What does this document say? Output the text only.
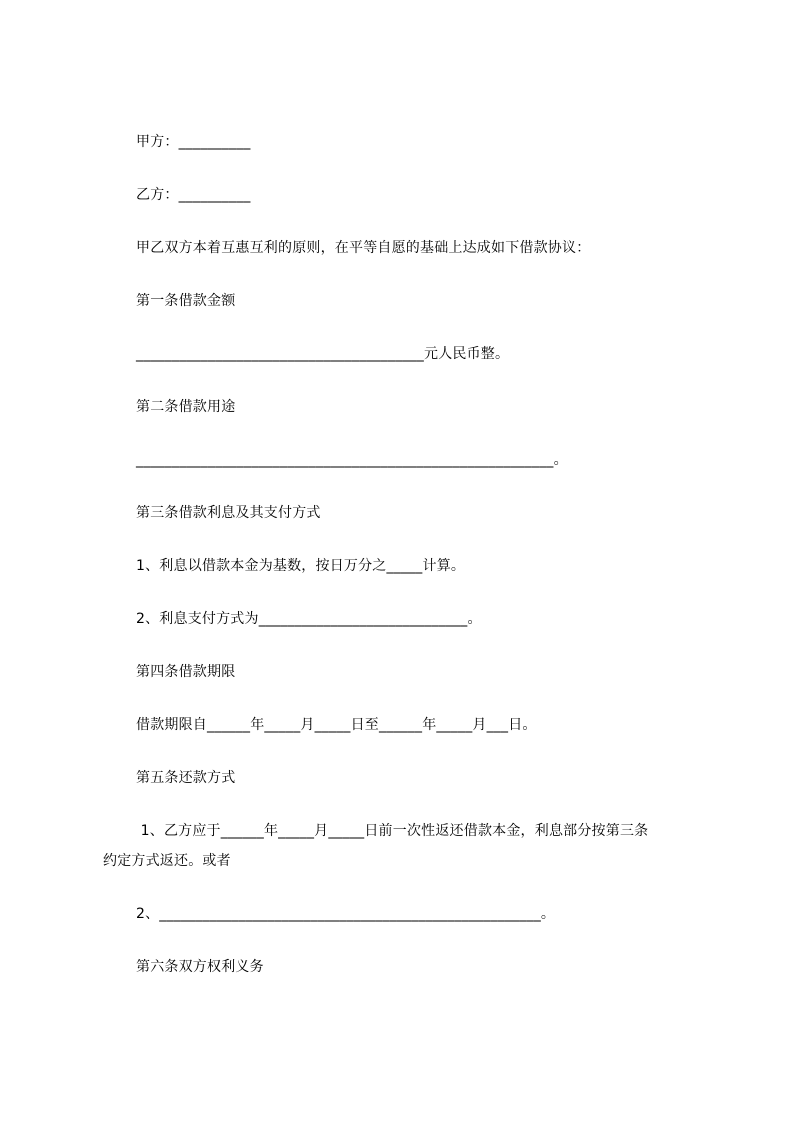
甲方：__________
乙方：__________
甲乙双方本着互惠互利的原则，在平等自愿的基础上达成如下借款协议：
第一条借款金额
________________________________________元人民币整。
第二条借款用途
__________________________________________________________。
第三条借款利息及其支付方式
1、利息以借款本金为基数，按日万分之_____计算。
2、利息支付方式为_____________________________。
第四条借款期限
借款期限自______年_____月_____日至______年_____月___日。
第五条还款方式
1、乙方应于______年_____月_____日前一次性返还借款本金，利息部分按第三条
约定方式返还。或者
2、_____________________________________________________。
第六条双方权利义务
